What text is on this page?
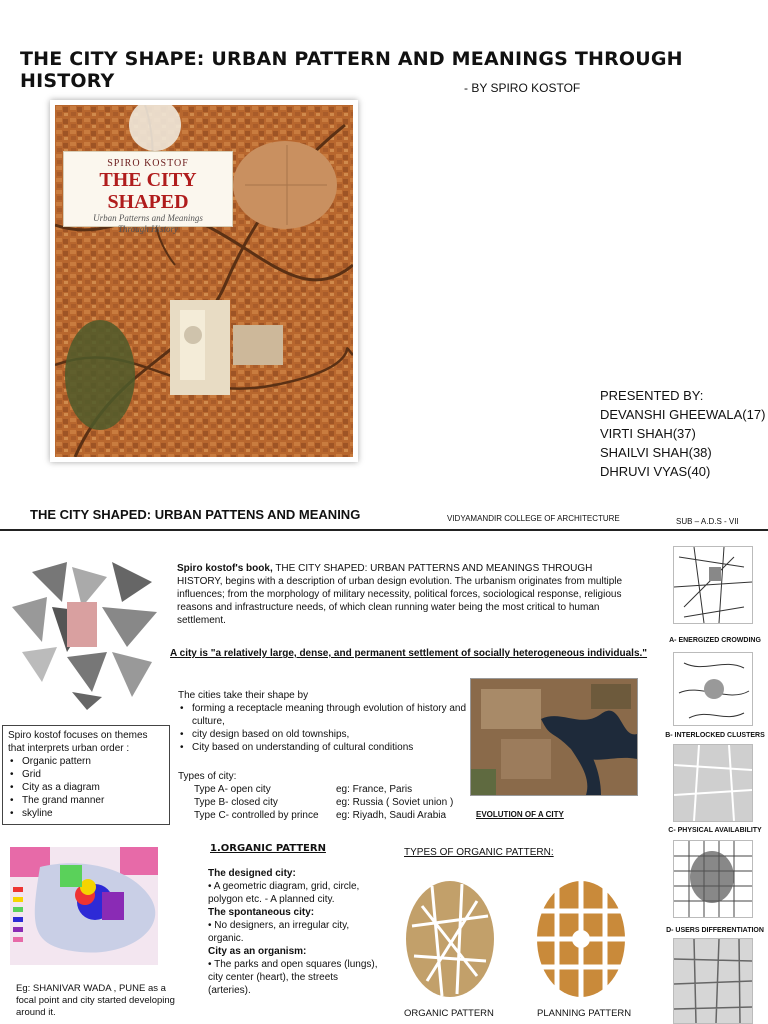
THE CITY SHAPE: URBAN PATTERN AND MEANINGS THROUGH HISTORY	- BY SPIRO KOSTOF
SPIRO KOSTOF
THE CITY SHAPED
Urban Patterns and Meanings
Through History
PRESENTED BY:
DEVANSHI GHEEWALA(17)
VIRTI SHAH(37)
SHAILVI SHAH(38)
DHRUVI VYAS(40)
THE CITY SHAPED: URBAN PATTENS AND MEANING	VIDYAMANDIR COLLEGE OF ARCHITECTURE	SUB – A.D.S - VII
Spiro kostof's book, THE CITY SHAPED: URBAN PATTERNS AND MEANINGS THROUGH HISTORY, begins with a description of urban design evolution. The urbanism originates from multiple influences; from the morphology of military necessity, political forces, sociological response, religious reasons and infrastructure needs, of which clean running water being the most critical to human settlement.
A city is "a relatively large, dense, and permanent settlement of socially heterogeneous individuals."
The cities take their shape by
• forming a receptacle meaning through evolution of history and culture,
• city design based on old townships,
• City based on understanding of cultural conditions
Types of city:
Type A- open city	eg: France, Paris
Type B- closed city	eg: Russia ( Soviet union )
Type C- controlled by prince	eg: Riyadh, Saudi Arabia
Spiro kostof focuses on themes that interprets urban order :
• Organic pattern
• Grid
• City as a diagram
• The grand manner
• skyline	EVOLUTION OF A CITY
Eg: SHANIVAR WADA , PUNE as a focal point and city started developing around it.
1.ORGANIC PATTERN
The designed city:
• A geometric diagram, grid, circle, polygon etc. - A planned city.
The spontaneous city:
• No designers, an irregular city, organic.
City as an organism:
• The parks and open squares (lungs), city center (heart), the streets (arteries).
TYPES OF ORGANIC PATTERN:
ORGANIC PATTERN	PLANNING PATTERN
A- ENERGIZED CROWDING
B- INTERLOCKED CLUSTERS
C- PHYSICAL AVAILABILITY
D- USERS DIFFERENTIATION
